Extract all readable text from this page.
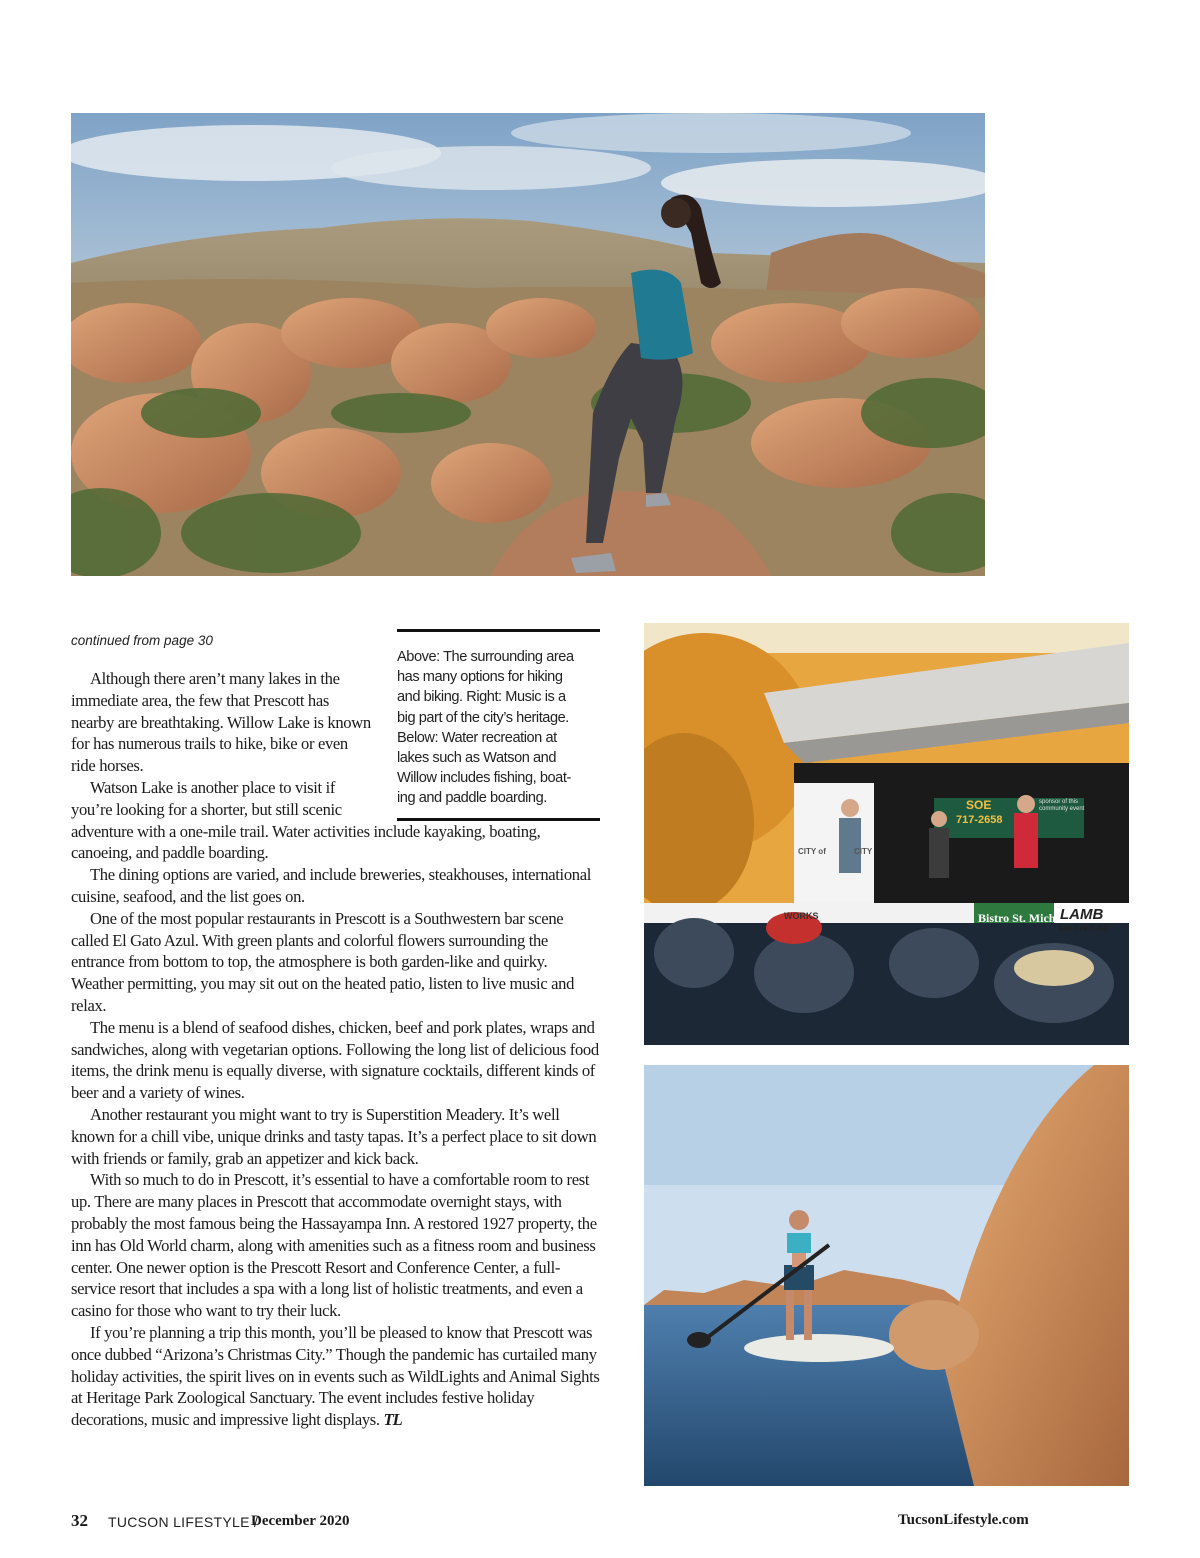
CITY of	CITY
SOE
717-2658
sponsor of this community event
WORKS	Bistro St. Michael
LAMB
928-778-5262
continued from page 30
Above: The surrounding area
has many options for hiking
and biking. Right: Music is a
big part of the city’s heritage.
Below: Water recreation at
lakes such as Watson and
Willow includes fishing, boat-
ing and paddle boarding.

Although there aren’t many lakes in the immediate area, the few that Prescott has nearby are breathtaking. Willow Lake is known for has numerous trails to hike, bike or even ride horses.

Watson Lake is another place to visit if you’re looking for a shorter, but still scenic
adventure with a one-mile trail. Water activities include kayaking, boating, canoeing, and paddle boarding.

The dining options are varied, and include breweries, steakhouses, international cuisine, seafood, and the list goes on.

One of the most popular restaurants in Prescott is a Southwestern bar scene called El Gato Azul. With green plants and colorful flowers surrounding the entrance from bottom to top, the atmosphere is both garden-like and quirky. Weather permitting, you may sit out on the heated patio, listen to live music and relax.

The menu is a blend of seafood dishes, chicken, beef and pork plates, wraps and sandwiches, along with vegetarian options. Following the long list of delicious food items, the drink menu is equally diverse, with signature cocktails, different kinds of beer and a variety of wines.

Another restaurant you might want to try is Superstition Meadery. It’s well known for a chill vibe, unique drinks and tasty tapas. It’s a perfect place to sit down with friends or family, grab an appetizer and kick back.

With so much to do in Prescott, it’s essential to have a comfortable room to rest up. There are many places in Prescott that accommodate overnight stays, with probably the most famous being the Hassayampa Inn. A restored 1927 property, the inn has Old World charm, along with amenities such as a fitness room and business center. One newer option is the Prescott Resort and Conference Center, a full-service resort that includes a spa with a long list of holistic treatments, and even a casino for those who want to try their luck.

If you’re planning a trip this month, you’ll be pleased to know that Prescott was once dubbed “Arizona’s Christmas City.” Though the pandemic has curtailed many holiday activities, the spirit lives on in events such as WildLights and Animal Sights at Heritage Park Zoological Sanctuary. The event includes festive holiday decorations, music and impressive light displays. TL

32 TUCSON LIFESTYLE /
December 2020	TucsonLifestyle.com
